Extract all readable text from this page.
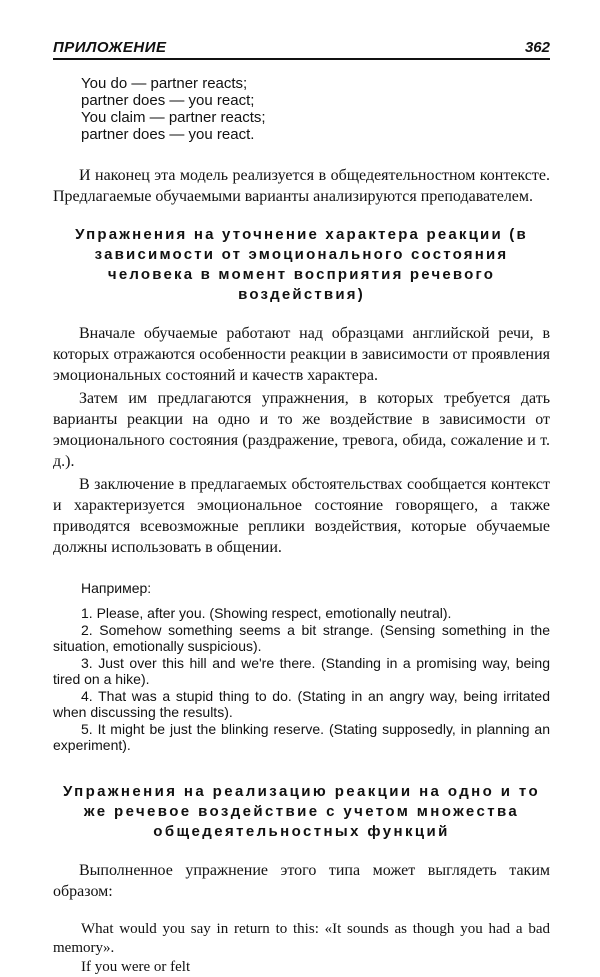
ПРИЛОЖЕНИЕ	362
You do — partner reacts;
partner does — you react;
You claim — partner reacts;
partner does — you react.

И наконец эта модель реализуется в общедеятельностном контексте. Предлагаемые обучаемыми варианты анализируются преподавателем.

Упражнения на уточнение характера реакции (в зависимости от эмоционального состояния человека в момент восприятия речевого воздействия)

Вначале обучаемые работают над образцами английской речи, в которых отражаются особенности реакции в зависимости от проявления эмоциональных состояний и качеств характера.

Затем им предлагаются упражнения, в которых требуется дать варианты реакции на одно и то же воздействие в зависимости от эмоционального состояния (раздражение, тревога, обида, сожаление и т. д.).

В заключение в предлагаемых обстоятельствах сообщается контекст и характеризуется эмоциональное состояние говорящего, а также приводятся всевозможные реплики воздействия, которые обучаемые должны использовать в общении.

Например:

1. Please, after you. (Showing respect, emotionally neutral).

2. Somehow something seems a bit strange. (Sensing something in the situation, emotionally suspicious).

3. Just over this hill and we're there. (Standing in a promising way, being tired on a hike).

4. That was a stupid thing to do. (Stating in an angry way, being irritated when discussing the results).

5. It might be just the blinking reserve. (Stating supposedly, in planning an experiment).

Упражнения на реализацию реакции на одно и то же речевое воздействие с учетом множества общедеятельностных функций

Выполненное упражнение этого типа может выглядеть таким образом:

What would you say in return to this: «It sounds as though you had a bad memory».

If you were or felt
